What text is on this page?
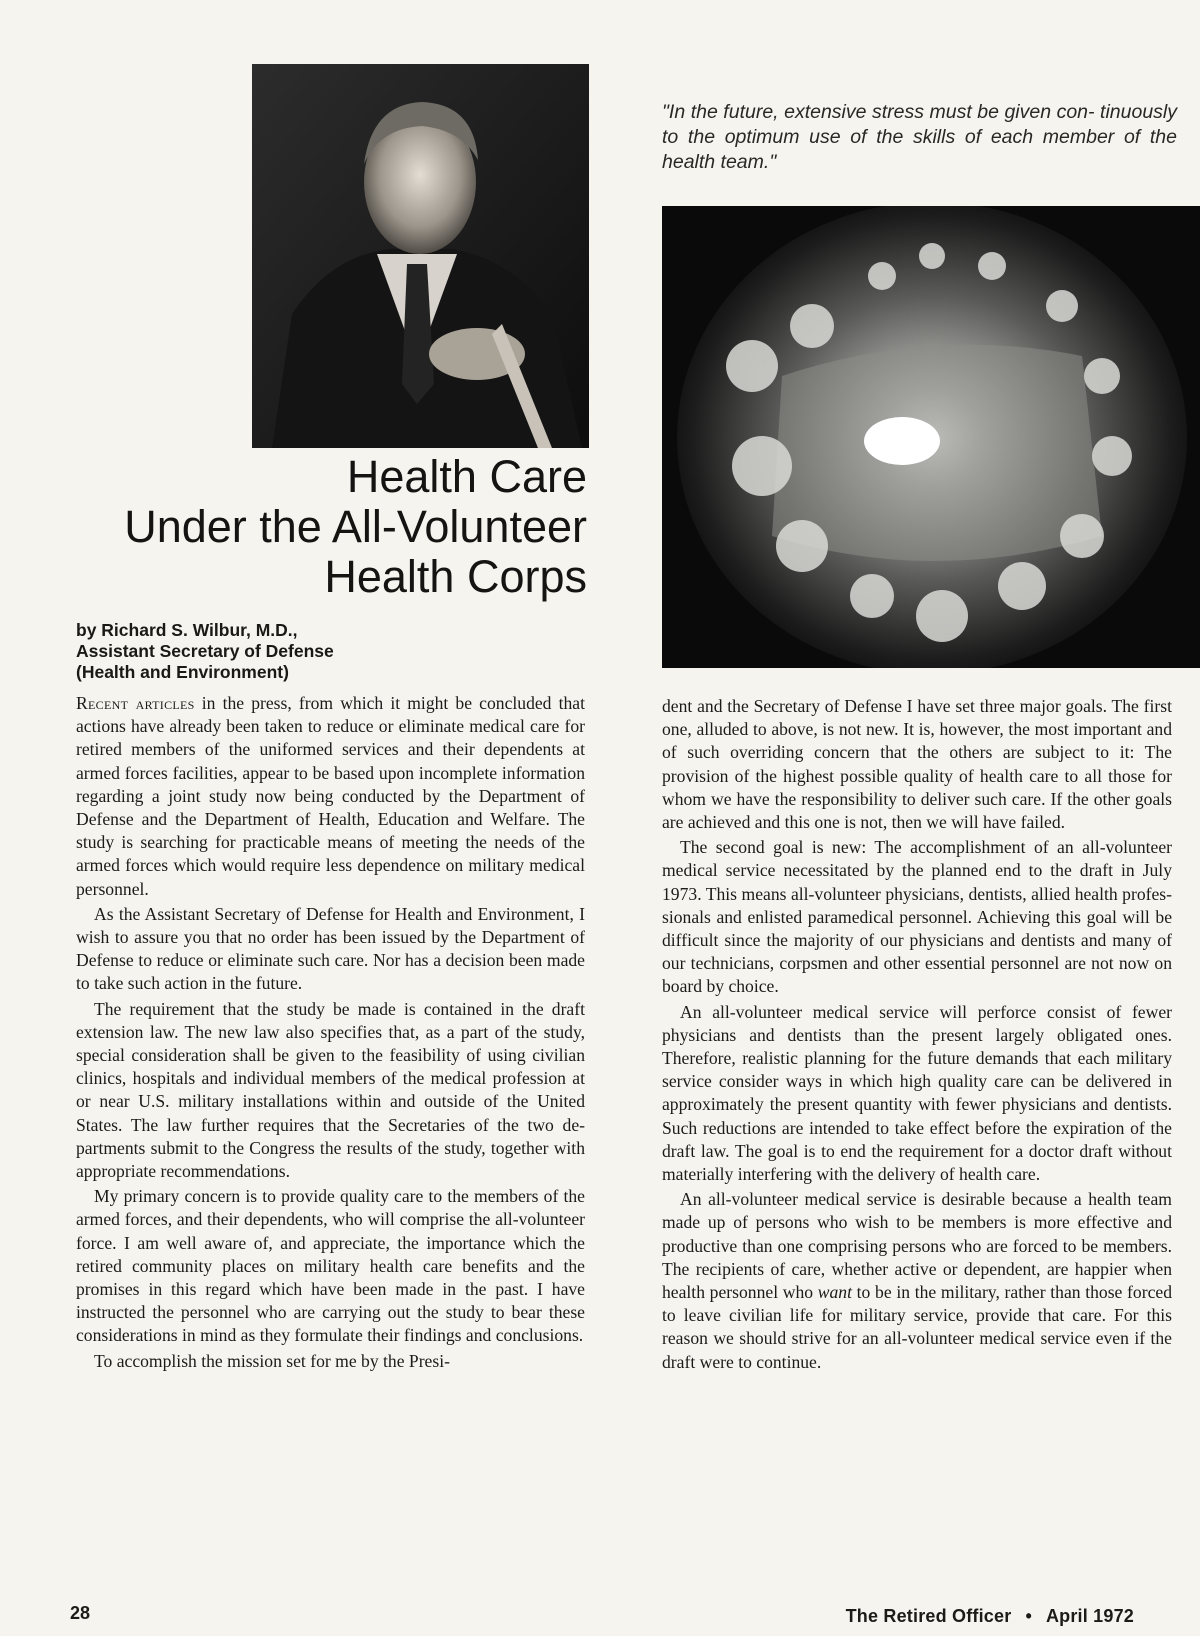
"In the future, extensive stress must be given con- tinuously to the optimum use of the skills of each member of the health team."

Health Care
Under the All-Volunteer
Health Corps
by Richard S. Wilbur, M.D.,
Assistant Secretary of Defense
(Health and Environment)

Recent articles in the press, from which it might be concluded that actions have already been taken to reduce or eliminate medical care for retired members of the uniformed services and their dependents at armed forces facilities, appear to be based upon incomplete information regarding a joint study now being conducted by the Department of Defense and the Department of Health, Education and Welfare. The study is searching for practicable means of meeting the needs of the armed forces which would require less dependence on military medical personnel.

As the Assistant Secretary of Defense for Health and Environment, I wish to assure you that no order has been issued by the Department of Defense to reduce or eliminate such care. Nor has a decision been made to take such action in the future.

The requirement that the study be made is contained in the draft extension law. The new law also specifies that, as a part of the study, special consideration shall be given to the feasibility of using civilian clinics, hospitals and individual members of the medical profession at or near U.S. military installations within and outside of the United States. The law further requires that the Secretaries of the two departments submit to the Congress the results of the study, together with appropriate recommendations.

My primary concern is to provide quality care to the members of the armed forces, and their dependents, who will comprise the all-volunteer force. I am well aware of, and appreciate, the importance which the retired community places on military health care benefits and the promises in this regard which have been made in the past. I have instructed the personnel who are carrying out the study to bear these considerations in mind as they formulate their findings and conclusions.

To accomplish the mission set for me by the Presi-

dent and the Secretary of Defense I have set three major goals. The first one, alluded to above, is not new. It is, however, the most important and of such overriding concern that the others are subject to it: The provision of the highest possible quality of health care to all those for whom we have the responsibility to deliver such care. If the other goals are achieved and this one is not, then we will have failed.

The second goal is new: The accomplishment of an all-volunteer medical service necessitated by the planned end to the draft in July 1973. This means all-volunteer physicians, dentists, allied health professionals and enlisted paramedical personnel. Achieving this goal will be difficult since the majority of our physicians and dentists and many of our technicians, corpsmen and other essential personnel are not now on board by choice.

An all-volunteer medical service will perforce consist of fewer physicians and dentists than the present largely obligated ones. Therefore, realistic planning for the future demands that each military service consider ways in which high quality care can be delivered in approximately the present quantity with fewer physicians and dentists. Such reductions are intended to take effect before the expiration of the draft law. The goal is to end the requirement for a doctor draft without materially interfering with the delivery of health care.

An all-volunteer medical service is desirable because a health team made up of persons who wish to be members is more effective and productive than one comprising persons who are forced to be members. The recipients of care, whether active or dependent, are happier when health personnel who want to be in the military, rather than those forced to leave civilian life for military service, provide that care. For this reason we should strive for an all-volunteer medical service even if the draft were to continue.

28	The Retired Officer • April 1972
